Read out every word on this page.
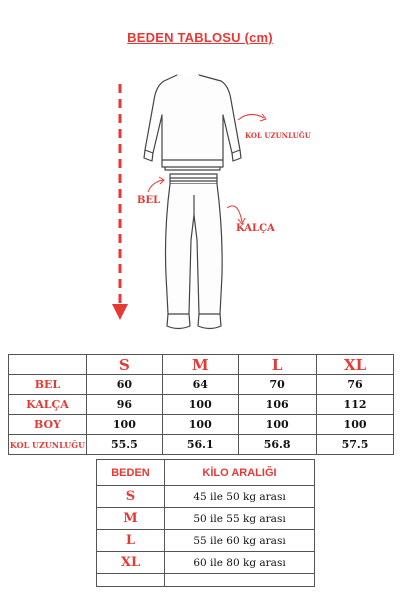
BEDEN TABLOSU (cm)
KOL UZUNLUĞU
BEL
KALÇA
	S	M	L	XL	
BEL	60	64	70	76	
KALÇA	96	100	106	112	
BOY	100	100	100	100	
KOL UZUNLUĞU	55.5	56.1	56.8	57.5	
BEDEN	KİLO ARALIĞI
S	45 ile 50 kg arası
M	50 ile 55 kg arası
L	55 ile 60 kg arası
XL	60 ile 80 kg arası
